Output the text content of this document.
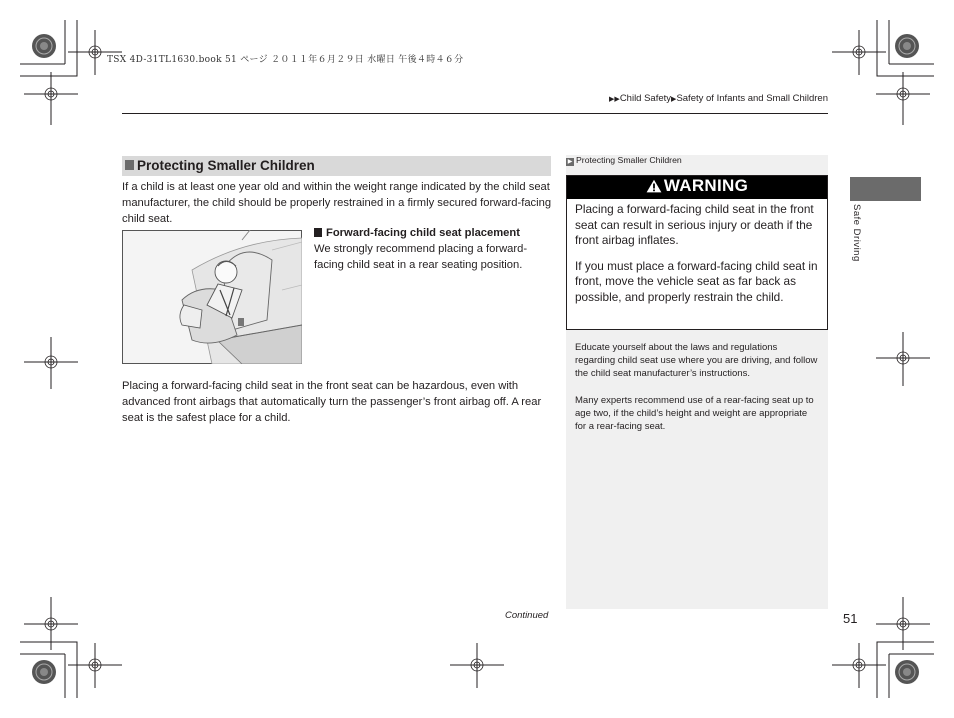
TSX 4D-31TL1630.book 51 ページ ２０１１年６月２９日 水曜日 午後４時４６分
▶▶Child Safety▶Safety of Infants and Small Children
Protecting Smaller Children
If a child is at least one year old and within the weight range indicated by the child seat manufacturer, the child should be properly restrained in a firmly secured forward-facing child seat.
Forward-facing child seat placement
We strongly recommend placing a forward-facing child seat in a rear seating position.
Placing a forward-facing child seat in the front seat can be hazardous, even with advanced front airbags that automatically turn the passenger’s front airbag off. A rear seat is the safest place for a child.
Continued
▶ Protecting Smaller Children
WARNING

Placing a forward-facing child seat in the front seat can result in serious injury or death if the front airbag inflates.

If you must place a forward-facing child seat in front, move the vehicle seat as far back as possible, and properly restrain the child.

Educate yourself about the laws and regulations regarding child seat use where you are driving, and follow the child seat manufacturer’s instructions.
Many experts recommend use of a rear-facing seat up to age two, if the child’s height and weight are appropriate for a rear-facing seat.
Safe Driving
51
